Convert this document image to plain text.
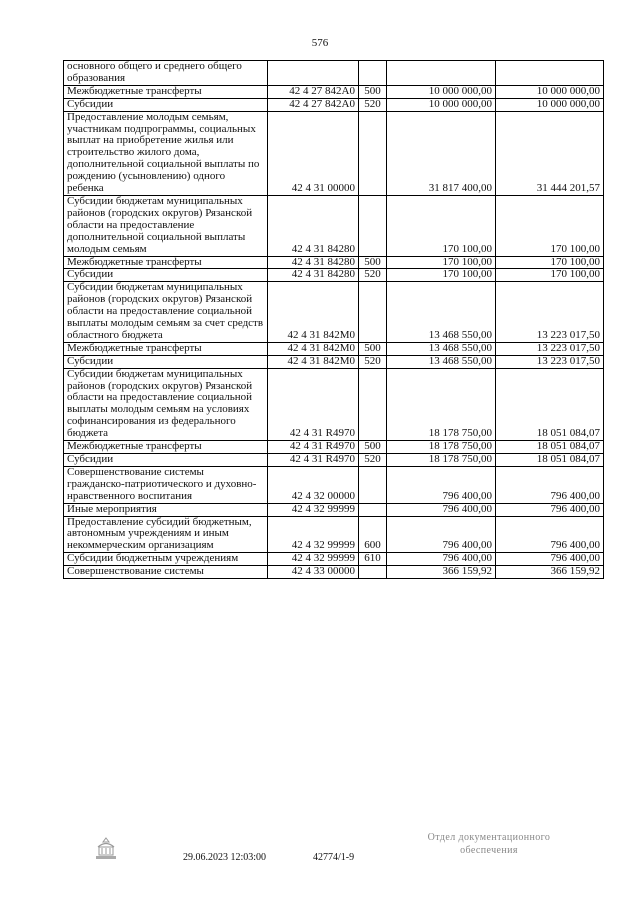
576
основного общего и среднего общего образования				
Межбюджетные трансферты	42 4 27 842А0	500	10 000 000,00	10 000 000,00
Субсидии	42 4 27 842А0	520	10 000 000,00	10 000 000,00
Предоставление молодым семьям, участникам подпрограммы, социальных выплат на приобретение жилья или строительство жилого дома, дополнительной социальной выплаты по рождению (усыновлению) одного ребенка	42 4 31 00000		31 817 400,00	31 444 201,57
Субсидии бюджетам муниципальных районов (городских округов) Рязанской области на предоставление дополнительной социальной выплаты молодым семьям	42 4 31 84280		170 100,00	170 100,00
Межбюджетные трансферты	42 4 31 84280	500	170 100,00	170 100,00
Субсидии	42 4 31 84280	520	170 100,00	170 100,00
Субсидии бюджетам муниципальных районов (городских округов) Рязанской области на предоставление социальной выплаты молодым семьям за счет средств областного бюджета	42 4 31 842М0		13 468 550,00	13 223 017,50
Межбюджетные трансферты	42 4 31 842М0	500	13 468 550,00	13 223 017,50
Субсидии	42 4 31 842М0	520	13 468 550,00	13 223 017,50
Субсидии бюджетам муниципальных районов (городских округов) Рязанской области на предоставление социальной выплаты молодым семьям на условиях софинансирования из федерального бюджета	42 4 31 R4970		18 178 750,00	18 051 084,07
Межбюджетные трансферты	42 4 31 R4970	500	18 178 750,00	18 051 084,07
Субсидии	42 4 31 R4970	520	18 178 750,00	18 051 084,07
Совершенствование системы гражданско-патриотического и духовно-нравственного воспитания	42 4 32 00000		796 400,00	796 400,00
Иные мероприятия	42 4 32 99999		796 400,00	796 400,00
Предоставление субсидий бюджетным, автономным учреждениям и иным некоммерческим организациям	42 4 32 99999	600	796 400,00	796 400,00
Субсидии бюджетным учреждениям	42 4 32 99999	610	796 400,00	796 400,00
Совершенствование системы	42 4 33 00000		366 159,92	366 159,92
29.06.2023 12:03:00	42774/1-9
Отдел документационного
обеспечения
